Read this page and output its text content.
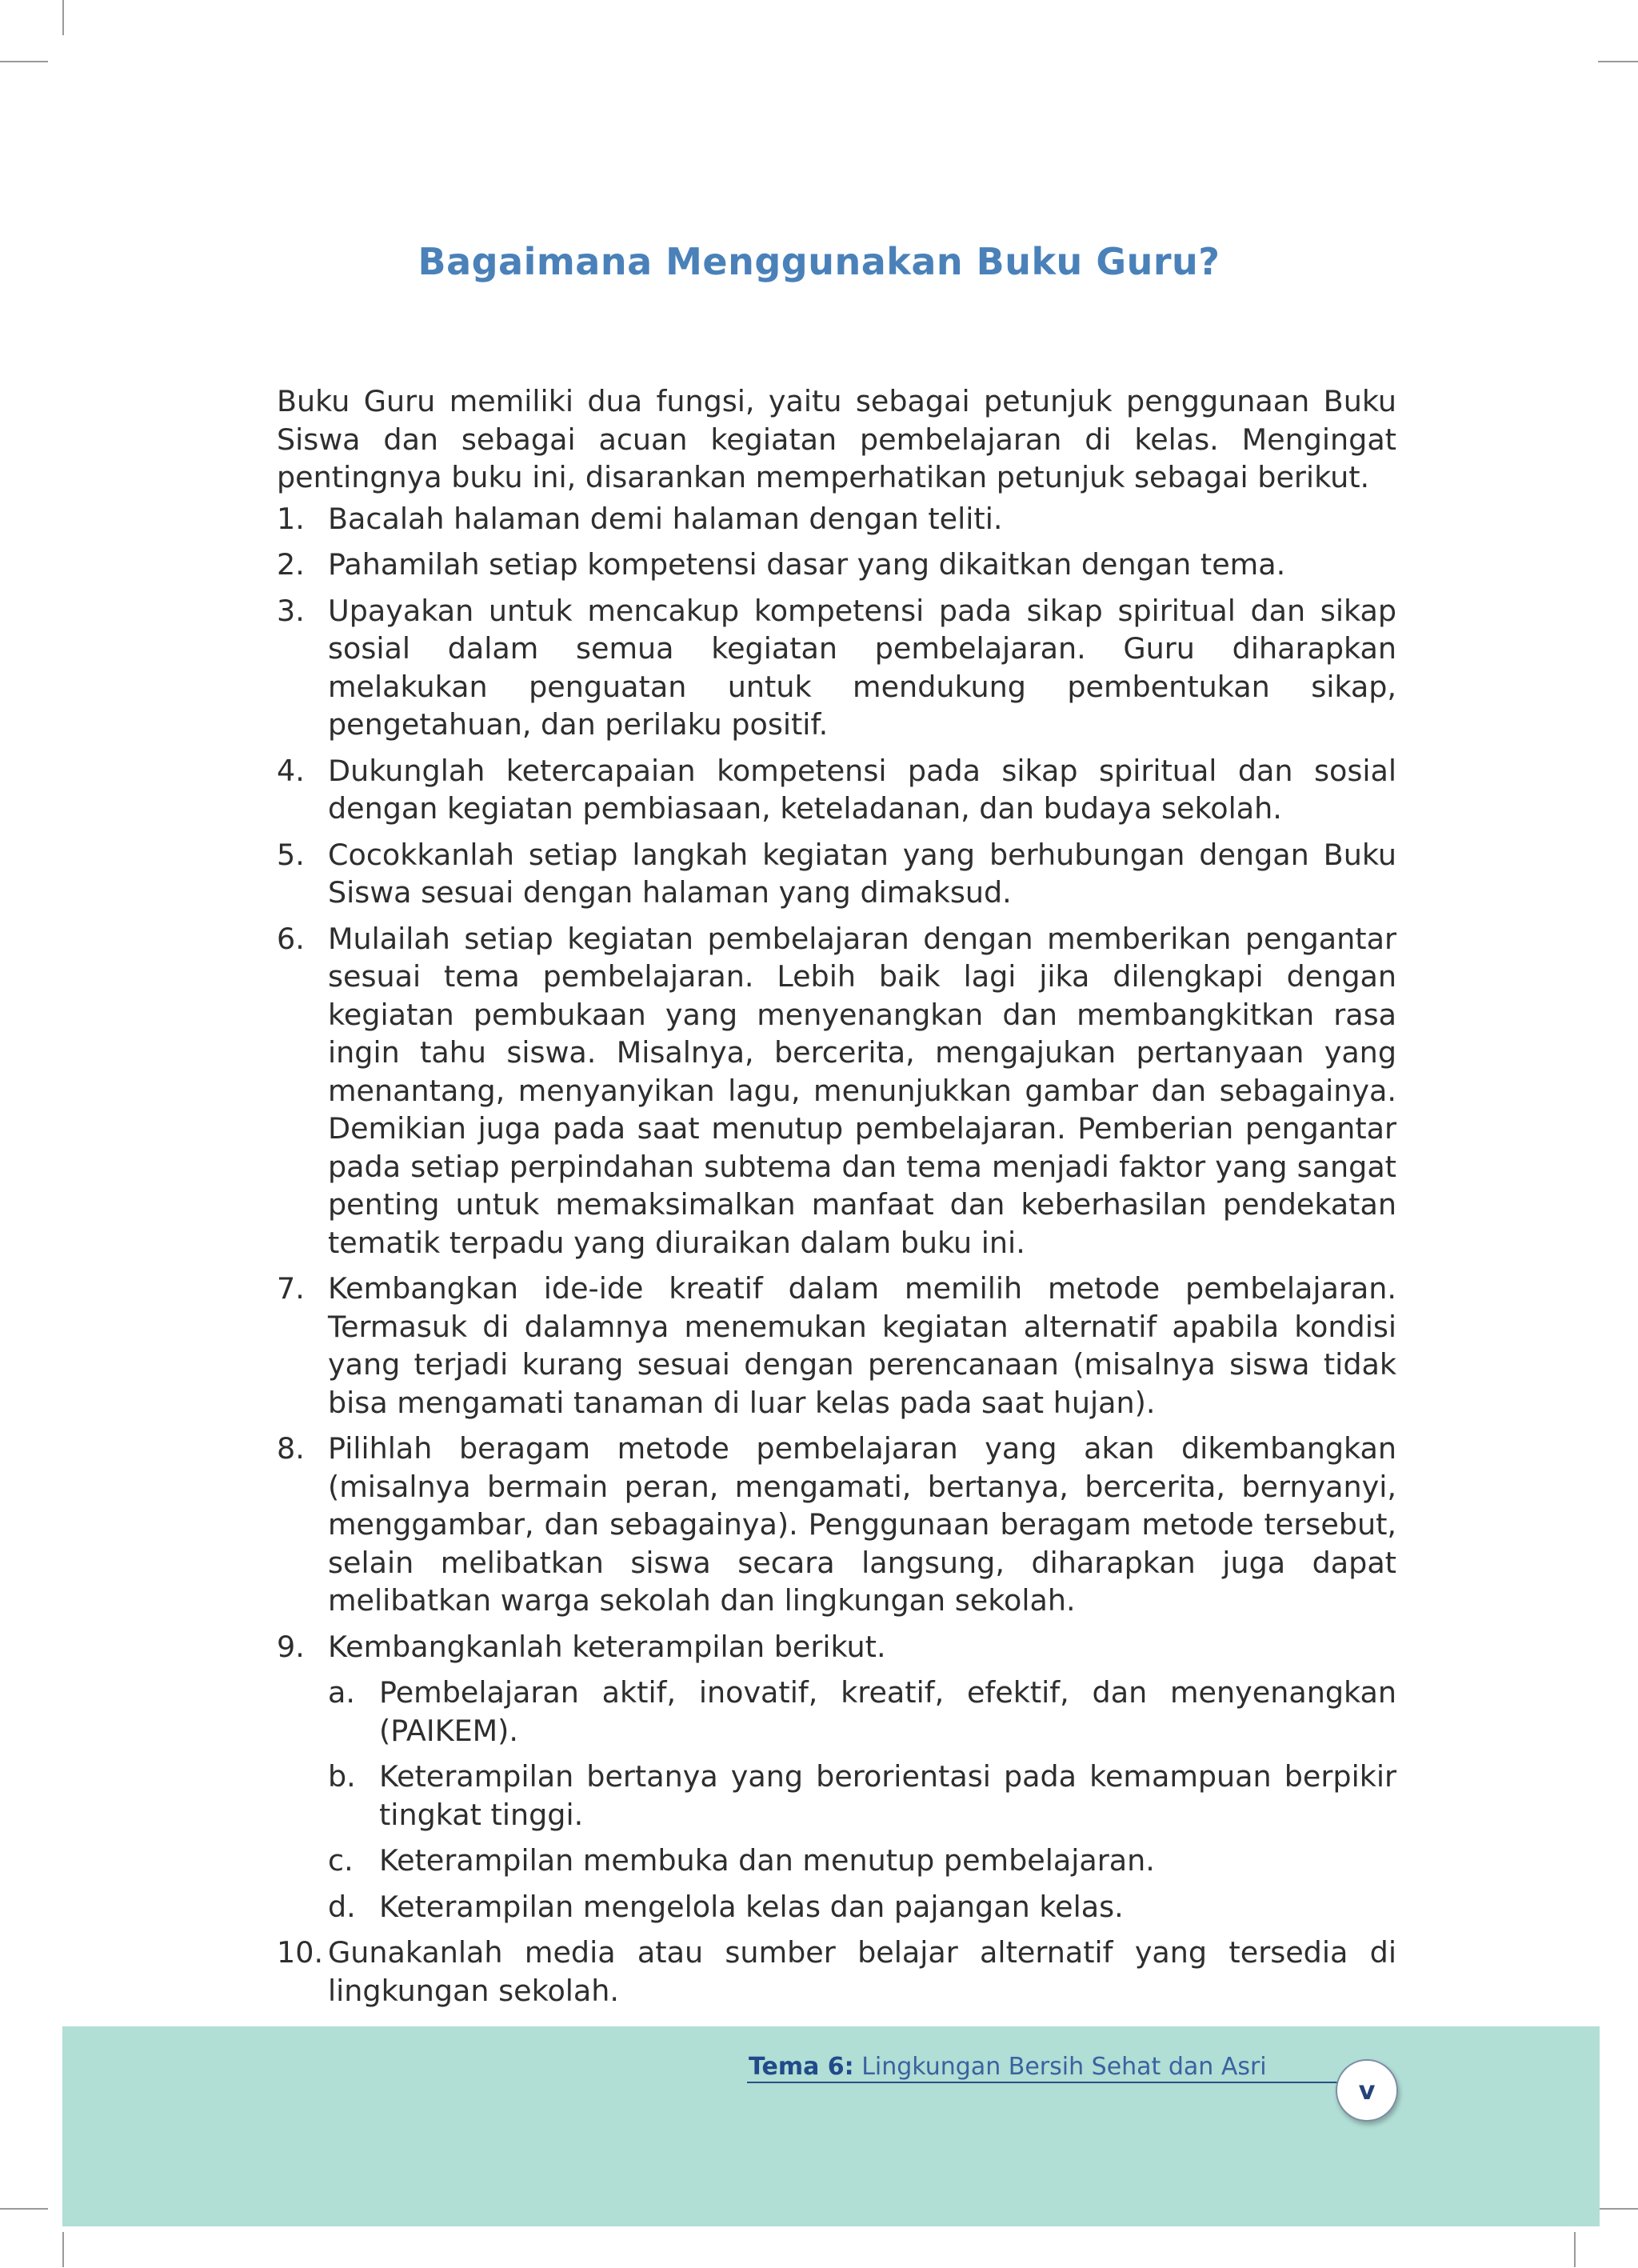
Bagaimana Menggunakan Buku Guru?

Buku Guru memiliki dua fungsi, yaitu sebagai petunjuk penggunaan Buku Siswa dan sebagai acuan kegiatan pembelajaran di kelas. Mengingat pentingnya buku ini, disarankan memperhatikan petunjuk sebagai berikut.

1. Bacalah halaman demi halaman dengan teliti.
2. Pahamilah setiap kompetensi dasar yang dikaitkan dengan tema.
3. Upayakan untuk mencakup kompetensi pada sikap spiritual dan sikap sosial dalam semua kegiatan pembelajaran. Guru diharapkan melakukan penguatan untuk mendukung pembentukan sikap, pengetahuan, dan perilaku positif.
4. Dukunglah ketercapaian kompetensi pada sikap spiritual dan sosial dengan kegiatan pembiasaan, keteladanan, dan budaya sekolah.
5. Cocokkanlah setiap langkah kegiatan yang berhubungan dengan Buku Siswa sesuai dengan halaman yang dimaksud.
6. Mulailah setiap kegiatan pembelajaran dengan memberikan pengantar sesuai tema pembelajaran. Lebih baik lagi jika dilengkapi dengan kegiatan pembukaan yang menyenangkan dan membangkitkan rasa ingin tahu siswa. Misalnya, bercerita, mengajukan pertanyaan yang menantang, menyanyikan lagu, menunjukkan gambar dan sebagainya. Demikian juga pada saat menutup pembelajaran. Pemberian pengantar pada setiap perpindahan subtema dan tema menjadi faktor yang sangat penting untuk memaksimalkan manfaat dan keberhasilan pendekatan tematik terpadu yang diuraikan dalam buku ini.
7. Kembangkan ide-ide kreatif dalam memilih metode pembelajaran. Termasuk di dalamnya menemukan kegiatan alternatif apabila kondisi yang terjadi kurang sesuai dengan perencanaan (misalnya siswa tidak bisa mengamati tanaman di luar kelas pada saat hujan).
8. Pilihlah beragam metode pembelajaran yang akan dikembangkan (misalnya bermain peran, mengamati, bertanya, bercerita, bernyanyi, menggambar, dan sebagainya). Penggunaan beragam metode tersebut, selain melibatkan siswa secara langsung, diharapkan juga dapat melibatkan warga sekolah dan lingkungan sekolah.
9. Kembangkanlah keterampilan berikut.
a. Pembelajaran aktif, inovatif, kreatif, efektif, dan menyenangkan (PAIKEM).
b. Keterampilan bertanya yang berorientasi pada kemampuan berpikir tingkat tinggi.
c. Keterampilan membuka dan menutup pembelajaran.
d. Keterampilan mengelola kelas dan pajangan kelas.
10. Gunakanlah media atau sumber belajar alternatif yang tersedia di lingkungan sekolah.
Tema 6: Lingkungan Bersih Sehat dan Asri
v
